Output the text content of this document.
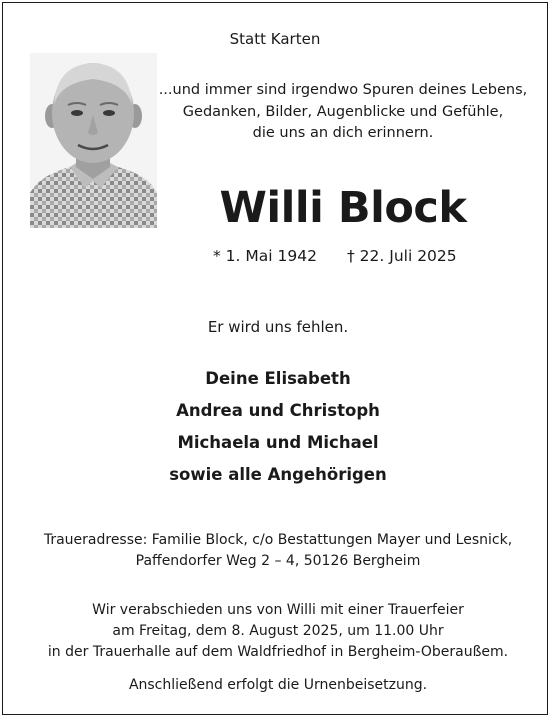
Statt Karten
...und immer sind irgendwo Spuren deines Lebens,
Gedanken, Bilder, Augenblicke und Gefühle,
die uns an dich erinnern.
Willi Block
* 1. Mai 1942 † 22. Juli 2025
Er wird uns fehlen.
Deine Elisabeth
Andrea und Christoph
Michaela und Michael
sowie alle Angehörigen
Traueradresse: Familie Block, c/o Bestattungen Mayer und Lesnick,
Paffendorfer Weg 2 – 4, 50126 Bergheim
Wir verabschieden uns von Willi mit einer Trauerfeier
am Freitag, dem 8. August 2025, um 11.00 Uhr
in der Trauerhalle auf dem Waldfriedhof in Bergheim-Oberaußem.
Anschließend erfolgt die Urnenbeisetzung.
